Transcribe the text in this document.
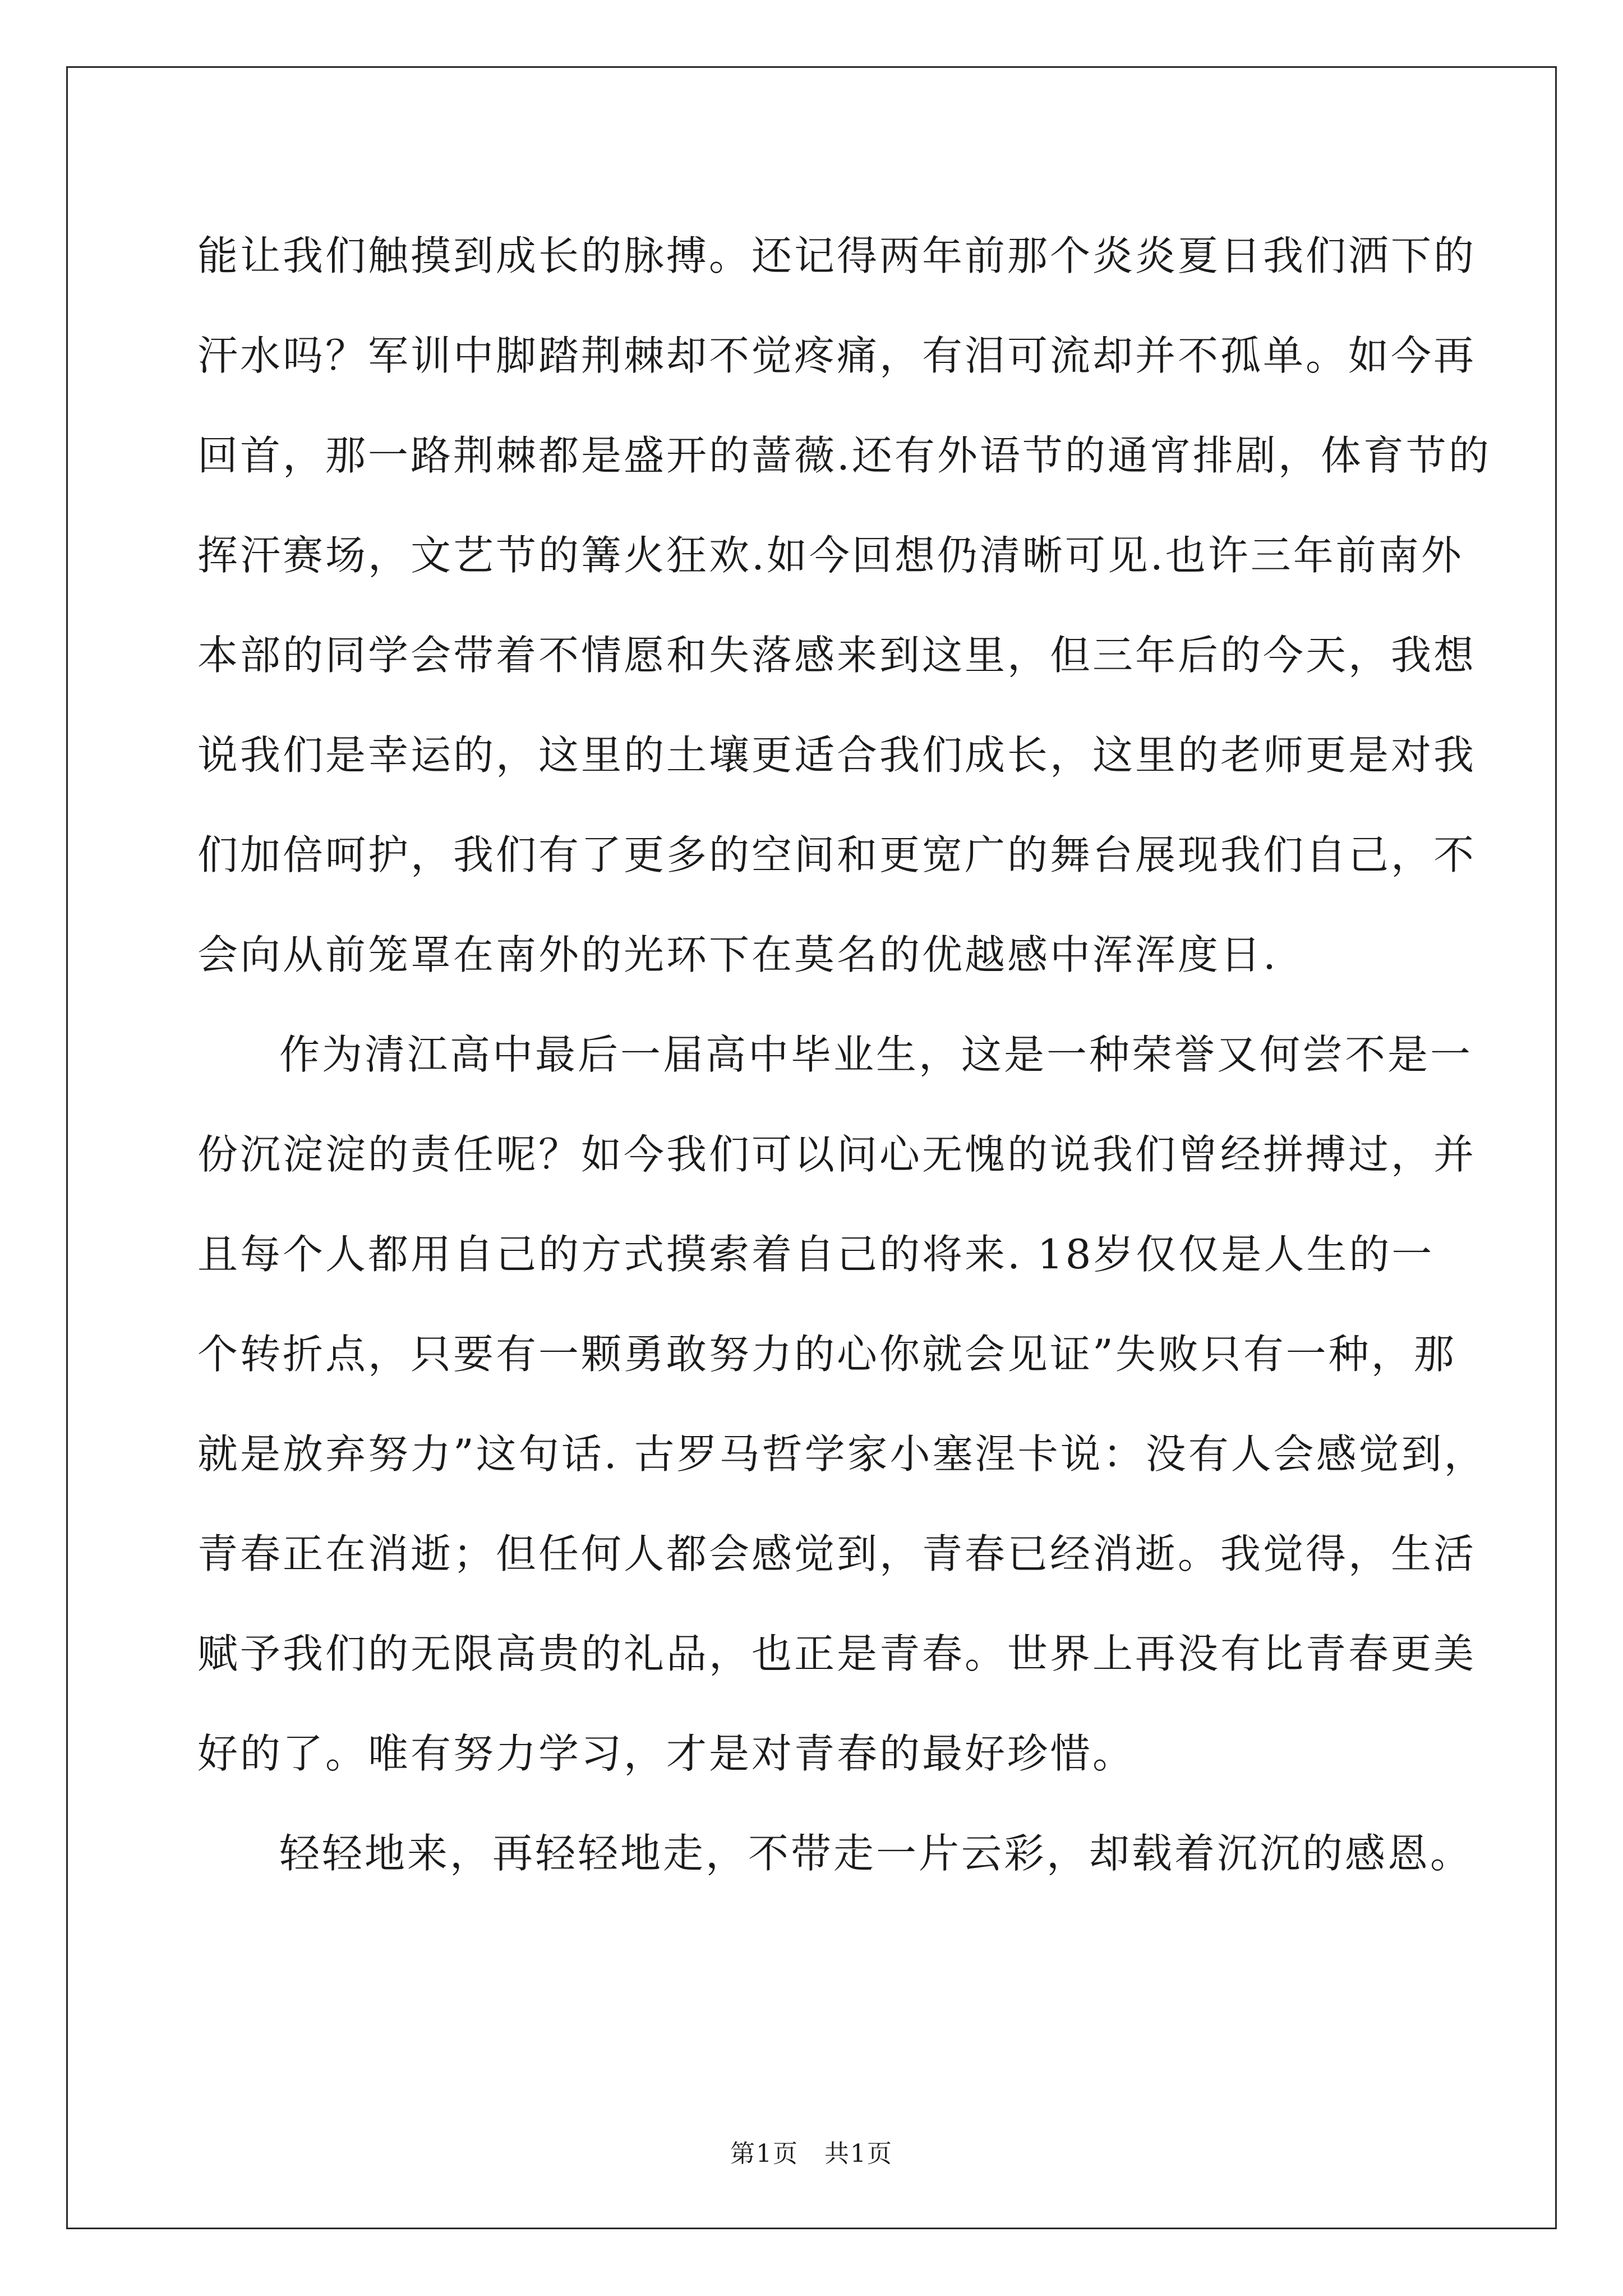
能让我们触摸到成长的脉搏。还记得两年前那个炎炎夏日我们洒下的
汗水吗？军训中脚踏荆棘却不觉疼痛，有泪可流却并不孤单。如今再
回首，那一路荆棘都是盛开的蔷薇.还有外语节的通宵排剧，体育节的
挥汗赛场，文艺节的篝火狂欢.如今回想仍清晰可见.也许三年前南外
本部的同学会带着不情愿和失落感来到这里，但三年后的今天，我想
说我们是幸运的，这里的土壤更适合我们成长，这里的老师更是对我
们加倍呵护，我们有了更多的空间和更宽广的舞台展现我们自己，不
会向从前笼罩在南外的光环下在莫名的优越感中浑浑度日.
作为清江高中最后一届高中毕业生，这是一种荣誉又何尝不是一
份沉淀淀的责任呢？如今我们可以问心无愧的说我们曾经拼搏过，并
且每个人都用自己的方式摸索着自己的将来. 18岁仅仅是人生的一
个转折点，只要有一颗勇敢努力的心你就会见证”失败只有一种，那
就是放弃努力”这句话. 古罗马哲学家小塞涅卡说：没有人会感觉到，
青春正在消逝；但任何人都会感觉到，青春已经消逝。我觉得，生活
赋予我们的无限高贵的礼品，也正是青春。世界上再没有比青春更美
好的了。唯有努力学习，才是对青春的最好珍惜。
轻轻地来，再轻轻地走，不带走一片云彩，却载着沉沉的感恩。
第1页　共1页
